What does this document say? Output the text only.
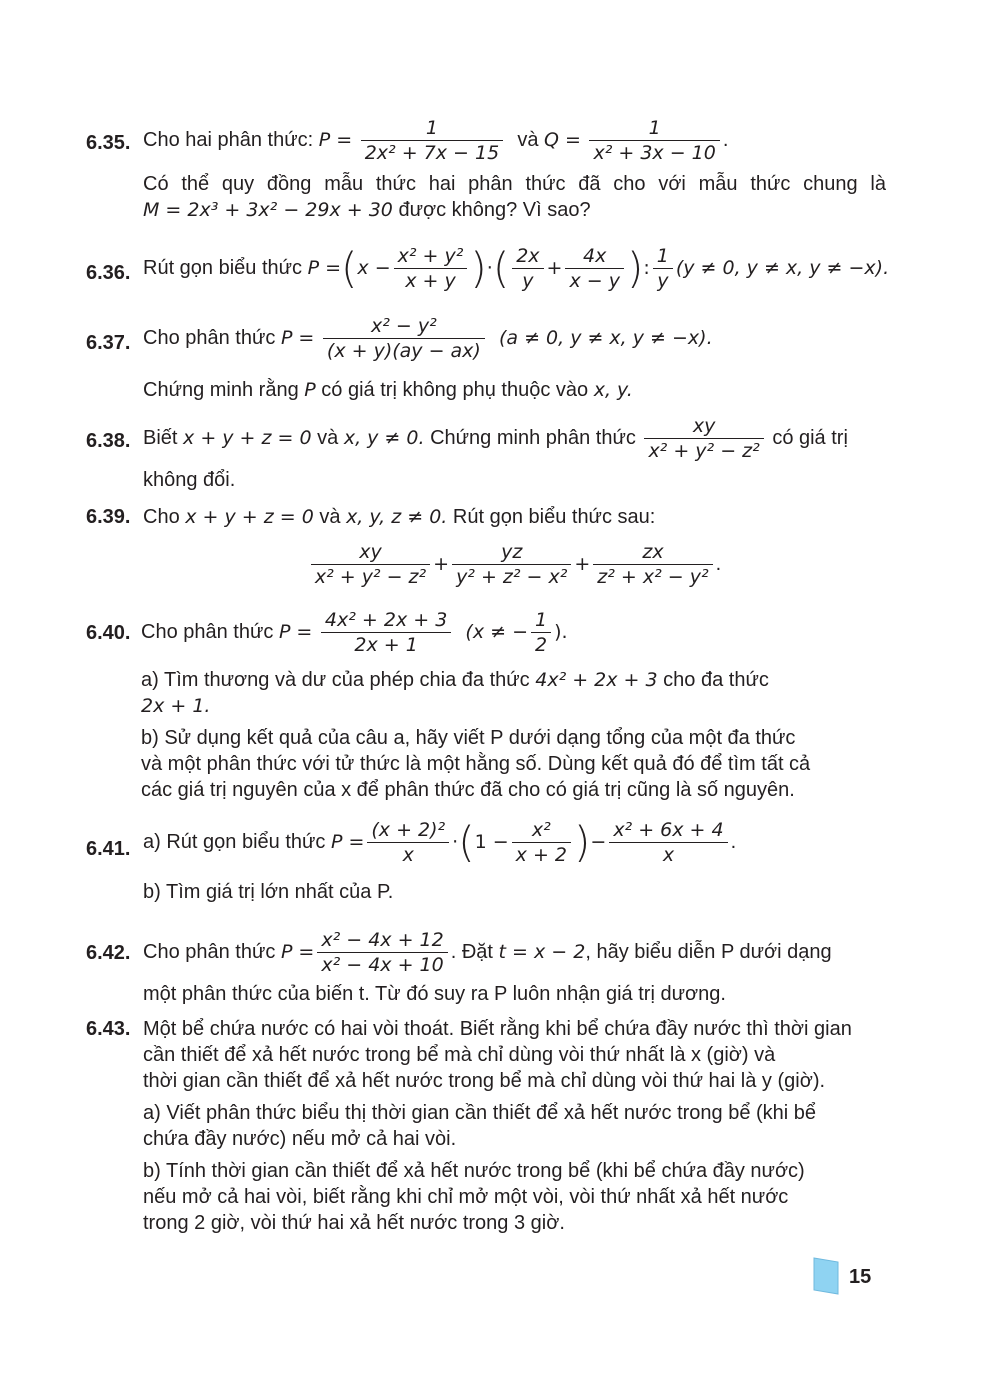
6.35. Cho hai phân thức: $P = \frac{1}{\text{2x² + 7x − 15}}$ và $Q = \frac{1}{\text{x² + 3x − 10}}$ .
Có thể quy đồng mẫu thức hai phân thức đã cho với mẫu thức chung là
M = 2x³ + 3x² − 29x + 30 được không? Vì sao?
6.36. Rút gọn biểu thức $P =(x - \frac{\text{x² + y²}}{x + y}$ )·( $\frac{2x}{y} + \frac{4x}{x - y}$ ): $\frac{1}{y} (y \ne 0$, y ≠ x, y ≠ −x).
6.37. Cho phân thức $P = \frac{\text{x² − y²}}{(x + y)(ay - ax)} (a \ne 0$, y ≠ x, y ≠ −x).
Chứng minh rằng P có giá trị không phụ thuộc vào x, y.
6.38. Biết x + y + z = 0 và x, y ≠ 0. Chứng minh phân thức $\frac{xy}{\text{x² + y² − z²}}$ có giá trị
không đổi.
6.39. Cho x + y + z = 0 và x, y, z ≠ 0. Rút gọn biểu thức sau:
$\frac{xy}{\text{x² + y² − z²}} + \frac{yz}{\text{y² + z² − x²}} + \frac{zx}{\text{z² + x² − y²}}$ .
6.40. Cho phân thức $P = \frac{\text{4x² + 2x + 3}}{2x + 1} (x$ ≠ − $\frac{1}{2}$ ).
a) Tìm thương và dư của phép chia đa thức 4x² + 2x + 3 cho đa thức
2x + 1.
b) Sử dụng kết quả của câu a, hãy viết P dưới dạng tổng của một đa thức
và một phân thức với tử thức là một hằng số. Dùng kết quả đó để tìm tất cả
các giá trị nguyên của x để phân thức đã cho có giá trị cũng là số nguyên.
6.41. a) Rút gọn biểu thức $P = \frac{\text{(x + 2)²}}{x} \cdot(1 - \frac{\text{x²}}{x + 2}$ )− $\frac{\text{x² + 6x + 4}}{x}$ .
b) Tìm giá trị lớn nhất của P.
6.42. Cho phân thức $P = \frac{\text{x² − 4x + 12}}{\text{x² − 4x + 10}}$ . Đặt t = x − 2, hãy biểu diễn P dưới dạng
một phân thức của biến t. Từ đó suy ra P luôn nhận giá trị dương.
6.43. Một bể chứa nước có hai vòi thoát. Biết rằng khi bể chứa đầy nước thì thời gian
cần thiết để xả hết nước trong bể mà chỉ dùng vòi thứ nhất là x (giờ) và
thời gian cần thiết để xả hết nước trong bể mà chỉ dùng vòi thứ hai là y (giờ).
a) Viết phân thức biểu thị thời gian cần thiết để xả hết nước trong bể (khi bể
chứa đầy nước) nếu mở cả hai vòi.
b) Tính thời gian cần thiết để xả hết nước trong bể (khi bể chứa đầy nước)
nếu mở cả hai vòi, biết rằng khi chỉ mở một vòi, vòi thứ nhất xả hết nước
trong 2 giờ, vòi thứ hai xả hết nước trong 3 giờ.
15
